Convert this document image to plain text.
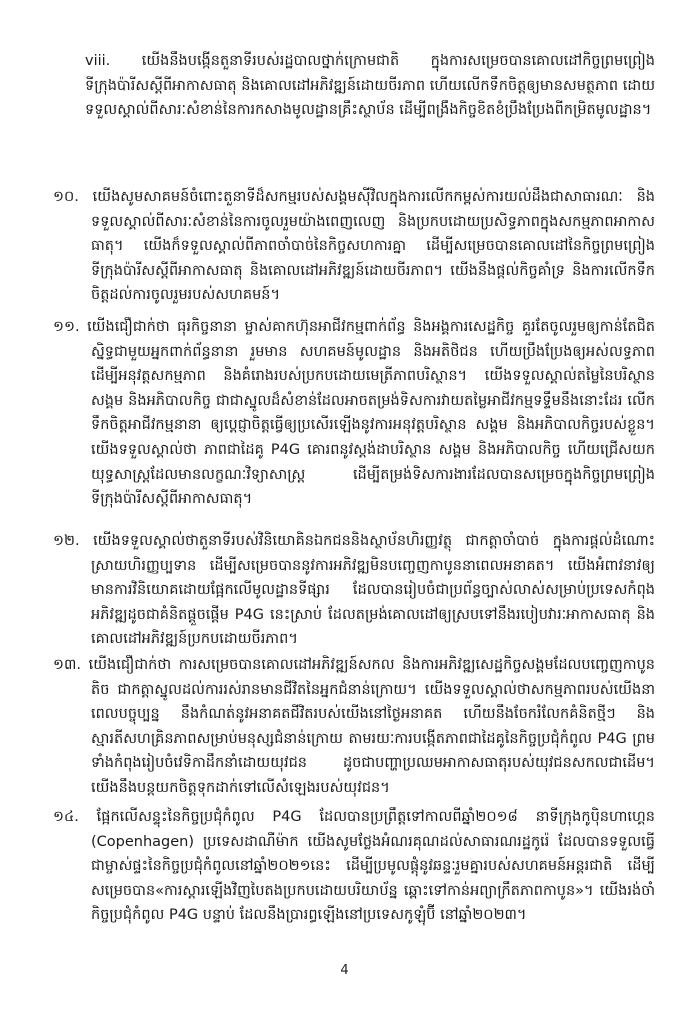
viii. យើងនឹងបង្កើនតួនាទីរបស់រដ្ឋបាលថ្នាក់ក្រោមជាតិ ក្នុងការសម្រេចបានគោលដៅកិច្ចព្រមព្រៀងទីក្រុងប៉ារីសស្តីពីអាកាសធាតុ និងគោលដៅអភិវឌ្ឍន៍ដោយចីរភាព ហើយលើកទឹកចិត្តឲ្យមានសមត្ថភាព ដោយទទួលស្គាល់ពីសារៈសំខាន់នៃការកសាងមូលដ្ឋានគ្រឹះស្ថាប័ន ដើម្បីពង្រឹងកិច្ចខិតខំប្រឹងប្រែងពីកម្រិតមូលដ្ឋាន។
១០. យើងសូមសាគមន៍ចំពោះតួនាទីដ៏សកម្មរបស់សង្គមស៊ីវិលក្នុងការលើកកម្ពស់ការយល់ដឹងជាសាធារណៈ និងទទួលស្គាល់ពីសារៈសំខាន់នៃការចូលរួមយ៉ាងពេញលេញ និងប្រកបដោយប្រសិទ្ធភាពក្នុងសកម្មភាពអាកាសធាតុ។ យើងក៏ទទួលស្គាល់ពីភាពចាំបាច់នៃកិច្ចសហការគ្នា ដើម្បីសម្រេចបានគោលដៅនៃកិច្ចព្រមព្រៀងទីក្រុងប៉ារីសស្តីពីអាកាសធាតុ និងគោលដៅអភិវឌ្ឍន៍ដោយចីរភាព។ យើងនឹងផ្តល់កិច្ចគាំទ្រ និងការលើកទឹកចិត្តដល់ការចូលរួមរបស់សហគមន៍។
១១. យើងជឿជាក់ថា ធុរកិច្ចនានា ម្ចាស់គាកហ៊ុនអាជីវកម្មពាក់ព័ន្ធ និងអង្គការសេដ្ឋកិច្ច គួរតែចូលរួមឲ្យកាន់តែជិតស្និទ្ធជាមួយអ្នកពាក់ព័ន្ធនានា រួមមាន សហគមន៍មូលដ្ឋាន និងអតិថិជន ហើយប្រឹងប្រែងឲ្យអស់លទ្ធភាព ដើម្បីអនុវត្តសកម្មភាព និងគំរោងរបស់ប្រកបដោយមេត្រីភាពបរិស្ថាន។ យើងទទួលស្គាល់តម្លៃនៃបរិស្ថាន សង្គម និងអភិបាលកិច្ច ជាជាស្នូលដ៏សំខាន់ដែលអាចតម្រង់ទិសការវាយតម្លៃអាជីវកម្មទទ្ទឹមនឹងនោះដែរ លើកទឹកចិត្តអាជីវកម្មនានា ឲ្យប្តេជ្ញាចិត្តធ្វើឲ្យប្រសើរឡើងនូវការអនុវត្តបរិស្ថាន សង្គម និងអភិបាលកិច្ចរបស់ខ្លួន។ យើងទទួលស្គាល់ថា ភាពជាដៃគូ P4G គោរពនូវស្តង់ដាបរិស្ថាន សង្គម និងអភិបាលកិច្ច ហើយជ្រើសយកយុទ្ធសាស្ត្រដែលមានលក្ខណៈវិទ្យាសាស្ត្រ ដើម្បីតម្រង់ទិសការងារដែលបានសម្រេចក្នុងកិច្ចព្រមព្រៀងទីក្រុងប៉ារីសស្តីពីអាកាសធាតុ។
១២. យើងទទួលស្គាល់ថាតួនាទីរបស់វិនិយោគិនឯកជននិងស្ថាប័នហិរញ្ញវត្ថុ ជាកត្តាចាំបាច់ ក្នុងការផ្តល់ដំណោះស្រាយហិរញ្ញប្បទាន ដើម្បីសម្រេចបាននូវការអភិវឌ្ឍមិនបញ្ចេញកាបូននាពេលអនាគត។ យើងអំពាវនាវឲ្យមានការវិនិយោគដោយផ្អែកលើមូលដ្ឋានទីផ្សារ ដែលបានរៀបចំជាប្រព័ន្ធច្បាស់លាស់សម្រាប់ប្រទេសកំពុងអភិវឌ្ឍដូចជាគំនិតផ្តួចផ្តើម P4G នេះស្រាប់ ដែលតម្រង់គោលដៅឲ្យស្របទៅនឹងរបៀបវារៈអាកាសធាតុ និងគោលដៅអភិវឌ្ឍន៍ប្រកបដោយចីរភាព។
១៣. យើងជឿជាក់ថា ការសម្រេចបានគោលដៅអភិវឌ្ឍន៍សកល និងការអភិវឌ្ឍសេដ្ឋកិច្ចសង្គមដែលបញ្ចេញកាបូនតិច ជាកត្តាស្នូលដល់ការរស់រានមានជីវិតនៃអ្នកជំនាន់ក្រោយ។ យើងទទួលស្គាល់ថាសកម្មភាពរបស់យើងនាពេលបច្ចុប្បន្ន នឹងកំណត់នូវអនាគតជីវិតរបស់យើងនៅថ្ងៃអនាគត ហើយនឹងចែករំលែកគំនិតថ្មីៗ និងស្មារតីសហគ្រិនភាពសម្រាប់មនុស្សជំនាន់ក្រោយ តាមរយៈការបង្កើតភាពជាដៃគូនៃកិច្ចប្រជុំកំពូល P4G ព្រមទាំងកំពុងរៀបចំវេទិកាដឹកនាំដោយយុវជន ដូចជាបញ្ហាប្រឈមអាកាសធាតុរបស់យុវជនសកលជាដើម។ យើងនឹងបន្តយកចិត្តទុកដាក់ទៅលើសំឡេងរបស់យុវជន។
១៤. ផ្អែកលើសន្ទុះនៃកិច្ចប្រជុំកំពូល P4G ដែលបានប្រព្រឹត្តទៅកាលពីឆ្នាំ២០១៨ នាទីក្រុងកូប៉ិនហាហ្គេន (Copenhagen) ប្រទេសដាណឺម៉ាក យើងសូមថ្លែងអំណរគុណដល់សាធារណរដ្ឋកូរ៉េ ដែលបានទទួលធ្វើជាម្ចាស់ផ្ទះនៃកិច្ចប្រជុំកំពូលនៅឆ្នាំ២០២១នេះ ដើម្បីប្រមូលផ្តុំនូវឆន្ទៈរួមគ្នារបស់សហគមន៍អន្តរជាតិ ដើម្បីសម្រេចបាន«ការស្តារឡើងវិញបៃតងប្រកបដោយបរិយាប័ន្ន ឆ្ពោះទៅកាន់អព្យាក្រឹតភាពកាបូន»។ យើងរង់ចាំកិច្ចប្រជុំកំពូល P4G បន្ទាប់ ដែលនឹងប្រារព្ធឡើងនៅប្រទេសកូឡុំប៊ី នៅឆ្នាំ២០២៣។
4
